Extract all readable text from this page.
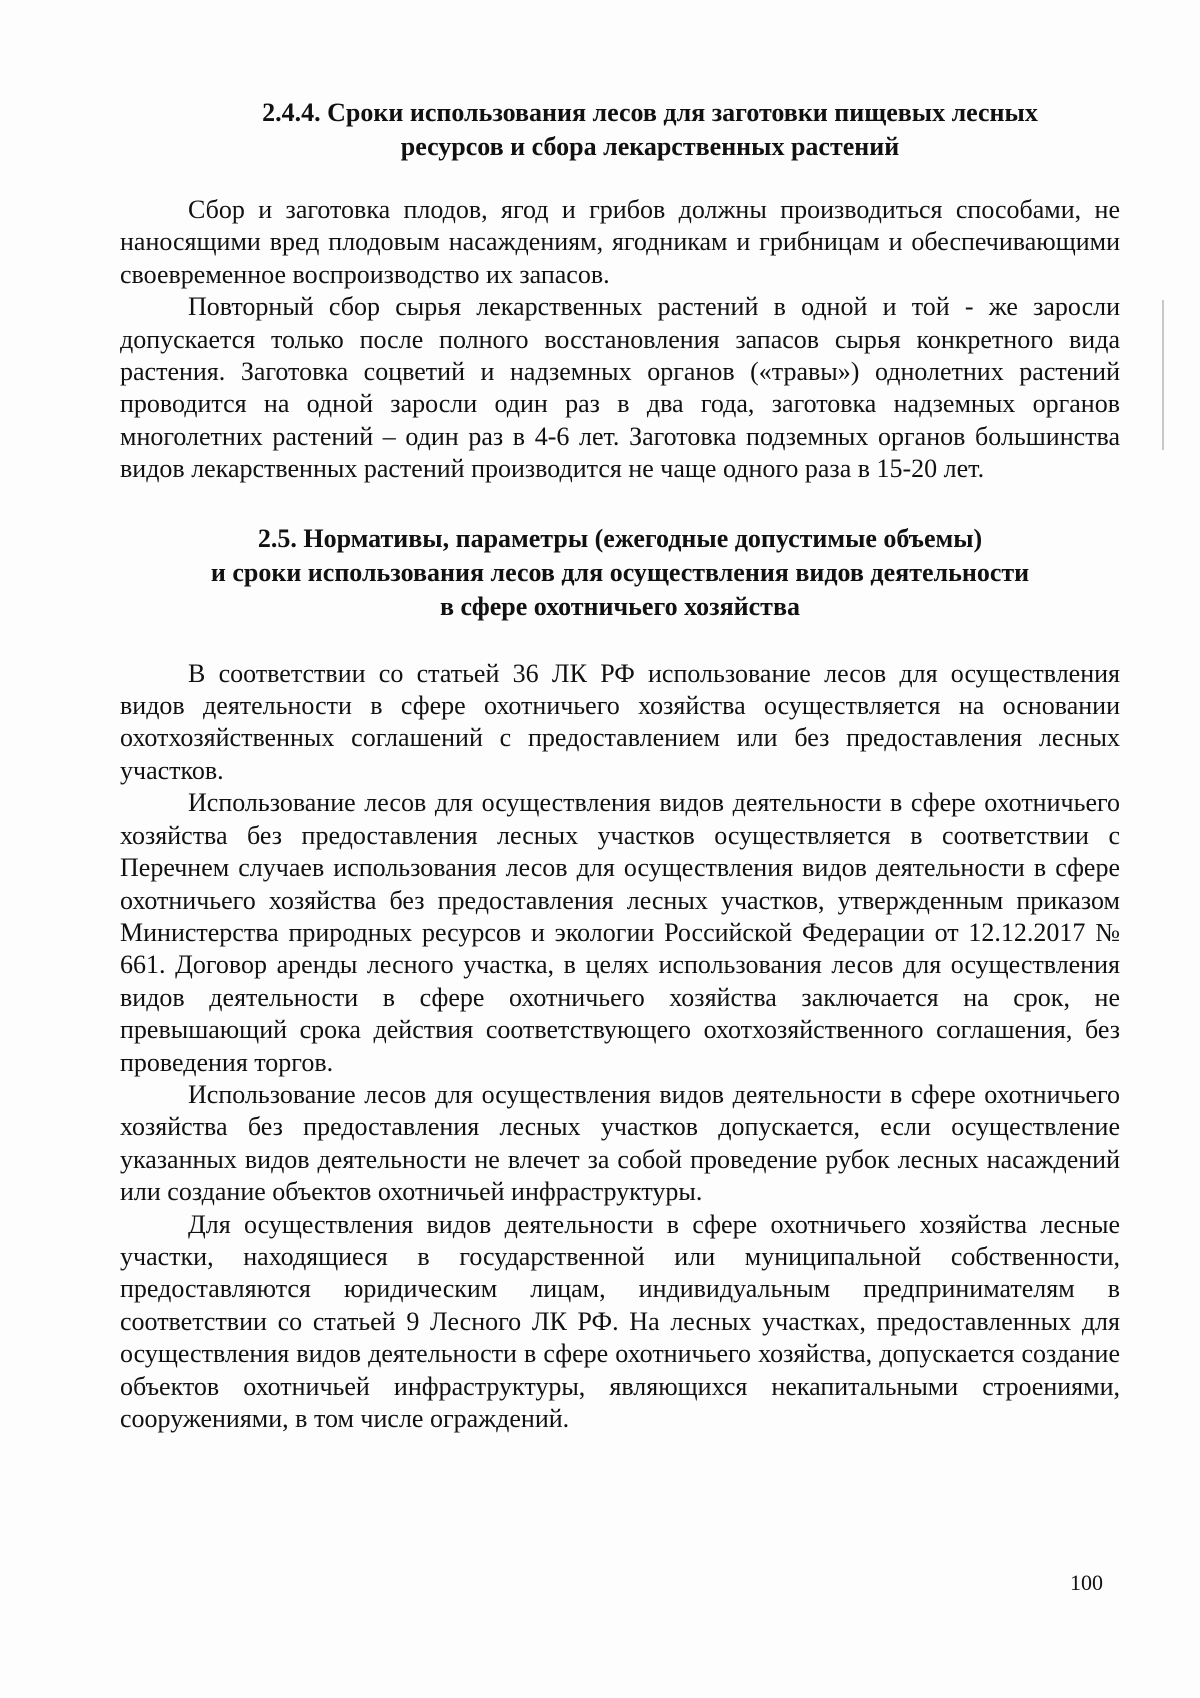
2.4.4. Сроки использования лесов для заготовки пищевых лесных
ресурсов и сбора лекарственных растений

Сбор и заготовка плодов, ягод и грибов должны производиться способами, не наносящими вред плодовым насаждениям, ягодникам и грибницам и обеспечивающими своевременное воспроизводство их запасов.

Повторный сбор сырья лекарственных растений в одной и той - же заросли допускается только после полного восстановления запасов сырья конкретного вида растения. Заготовка соцветий и надземных органов («травы») однолетних растений проводится на одной заросли один раз в два года, заготовка надземных органов многолетних растений – один раз в 4-6 лет. Заготовка подземных органов большинства видов лекарственных растений производится не чаще одного раза в 15-20 лет.

2.5. Нормативы, параметры (ежегодные допустимые объемы)
и сроки использования лесов для осуществления видов деятельности
в сфере охотничьего хозяйства

В соответствии со статьей 36 ЛК РФ использование лесов для осуществления видов деятельности в сфере охотничьего хозяйства осуществляется на основании охотхозяйственных соглашений с предоставлением или без предоставления лесных участков.

Использование лесов для осуществления видов деятельности в сфере охотничьего хозяйства без предоставления лесных участков осуществляется в соответствии с Перечнем случаев использования лесов для осуществления видов деятельности в сфере охотничьего хозяйства без предоставления лесных участков, утвержденным приказом Министерства природных ресурсов и экологии Российской Федерации от 12.12.2017 № 661. Договор аренды лесного участка, в целях использования лесов для осуществления видов деятельности в сфере охотничьего хозяйства заключается на срок, не превышающий срока действия соответствующего охотхозяйственного соглашения, без проведения торгов.

Использование лесов для осуществления видов деятельности в сфере охотничьего хозяйства без предоставления лесных участков допускается, если осуществление указанных видов деятельности не влечет за собой проведение рубок лесных насаждений или создание объектов охотничьей инфраструктуры.

Для осуществления видов деятельности в сфере охотничьего хозяйства лесные участки, находящиеся в государственной или муниципальной собственности, предоставляются юридическим лицам, индивидуальным предпринимателям в соответствии со статьей 9 Лесного ЛК РФ. На лесных участках, предоставленных для осуществления видов деятельности в сфере охотничьего хозяйства, допускается создание объектов охотничьей инфраструктуры, являющихся некапитальными строениями, сооружениями, в том числе ограждений.

100
